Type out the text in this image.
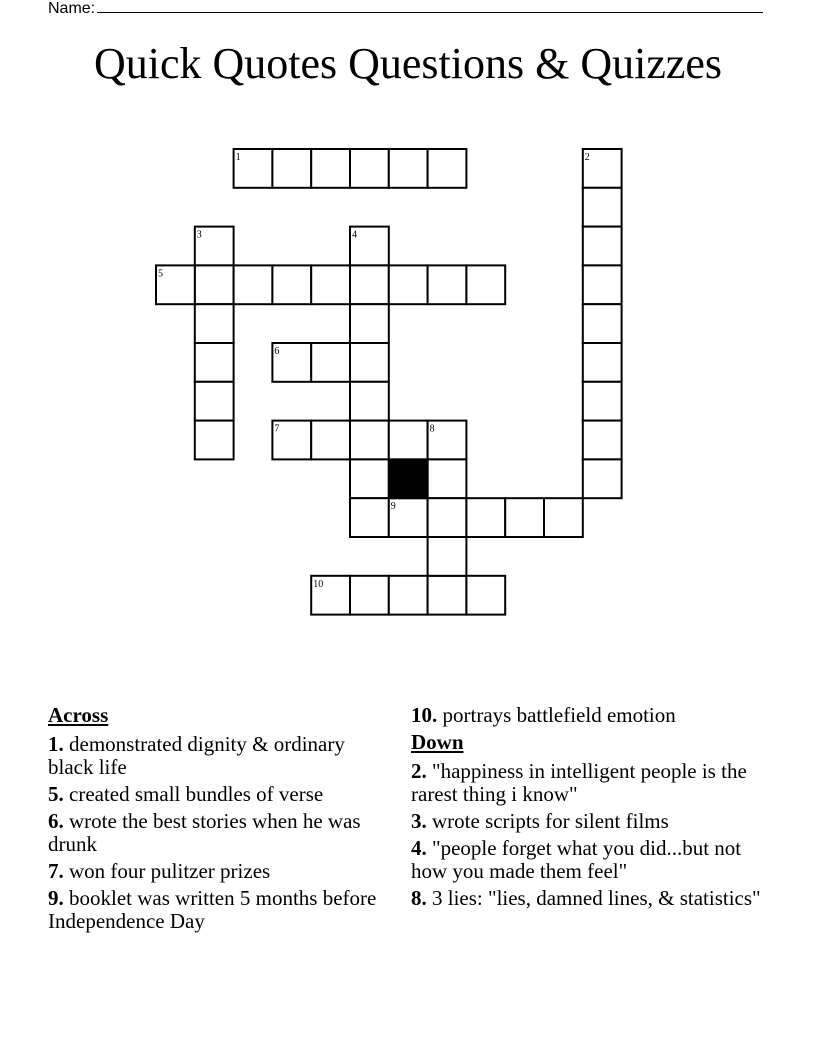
Name:
Quick Quotes Questions & Quizzes
1	2
3	4
5
6
7	8
9
10
Across
1. demonstrated dignity & ordinary black life
5. created small bundles of verse
6. wrote the best stories when he was drunk
7. won four pulitzer prizes
9. booklet was written 5 months before Independence Day
10. portrays battlefield emotion
Down
2. "happiness in intelligent people is the rarest thing i know"
3. wrote scripts for silent films
4. "people forget what you did...but not how you made them feel"
8. 3 lies: "lies, damned lines, & statistics"
